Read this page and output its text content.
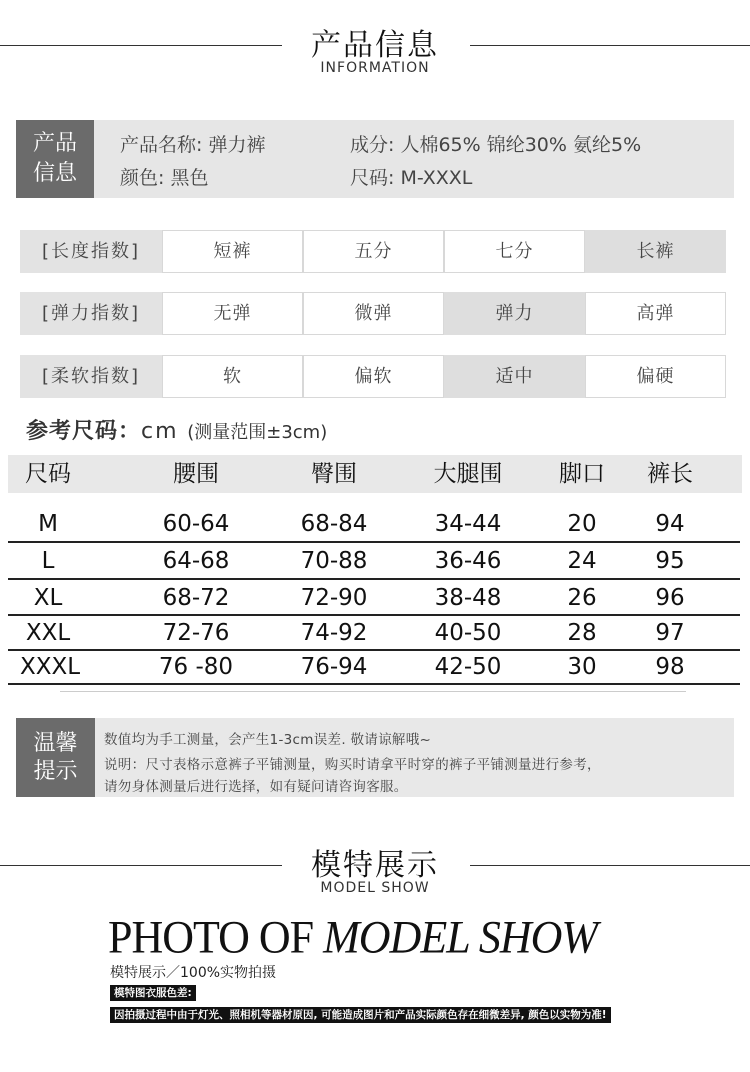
产品信息
INFORMATION
产品
信息
产品名称: 弹力裤
颜色: 黑色
成分: 人棉65% 锦纶30% 氨纶5%
尺码: M-XXXL
[长度指数]	短裤	五分	七分	长裤
[弹力指数]	无弹	微弹	弹力	高弹
[柔软指数]	软	偏软	适中	偏硬
参考尺码：cm (测量范围±3cm)
尺码	腰围	臀围	大腿围	脚口	裤长
M	60-64	68-84	34-44	20	94
L	64-68	70-88	36-46	24	95
XL	68-72	72-90	38-48	26	96
XXL	72-76	74-92	40-50	28	97
XXXL	76 -80	76-94	42-50	30	98
温馨
提示
数值均为手工测量，会产生1-3cm误差. 敬请谅解哦~
说明：尺寸表格示意裤子平铺测量，购买时请拿平时穿的裤子平铺测量进行参考，
请勿身体测量后进行选择，如有疑问请咨询客服。
模特展示
MODEL SHOW
PHOTO OF MODEL SHOW
模特展示／100%实物拍摄
模特图衣服色差:
因拍摄过程中由于灯光、照相机等器材原因, 可能造成图片和产品实际颜色存在细微差异, 颜色以实物为准!
